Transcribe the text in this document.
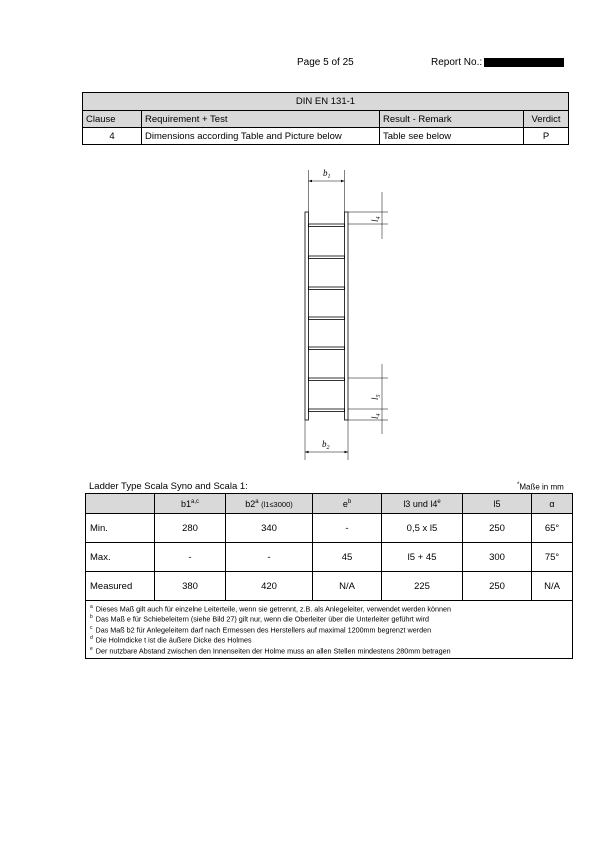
Page 5 of 25	Report No.:
DIN EN 131-1			
Clause	Requirement + Test	Result - Remark	Verdict
4	Dimensions according Table and Picture below	Table see below	P
$b_1$
$b_2$
$l_4$
$l_5$
$l_4$
Ladder Type Scala Syno and Scala 1:	*Maße in mm
	b1$^{a,c}$	b2$^a$ (l1≤3000)	$e^b$	l3 und l4e	l5	α
Min.	280	340	-	0,5 x l5	250	65°
Max.	-	-	45	l5 + 45	300	75°
Measured	380	420	N/A	225	250	N/A

$^a$ Dieses Maß gilt auch für einzelne Leiterteile, wenn sie getrennt, z.B. als Anlegeleiter, verwendet werden können
$^b$ Das Maß e für Schiebeleitern (siehe Bild 27) gilt nur, wenn die Oberleiter über die Unterleiter geführt wird
$^c$ Das Maß b2 für Anlegeleitern darf nach Ermessen des Herstellers auf maximal 1200mm begrenzt werden
$^d$ Die Holmdicke t ist die äußere Dicke des Holmes
$^e$ Der nutzbare Abstand zwischen den Innenseiten der Holme muss an allen Stellen mindestens 280mm betragen						
